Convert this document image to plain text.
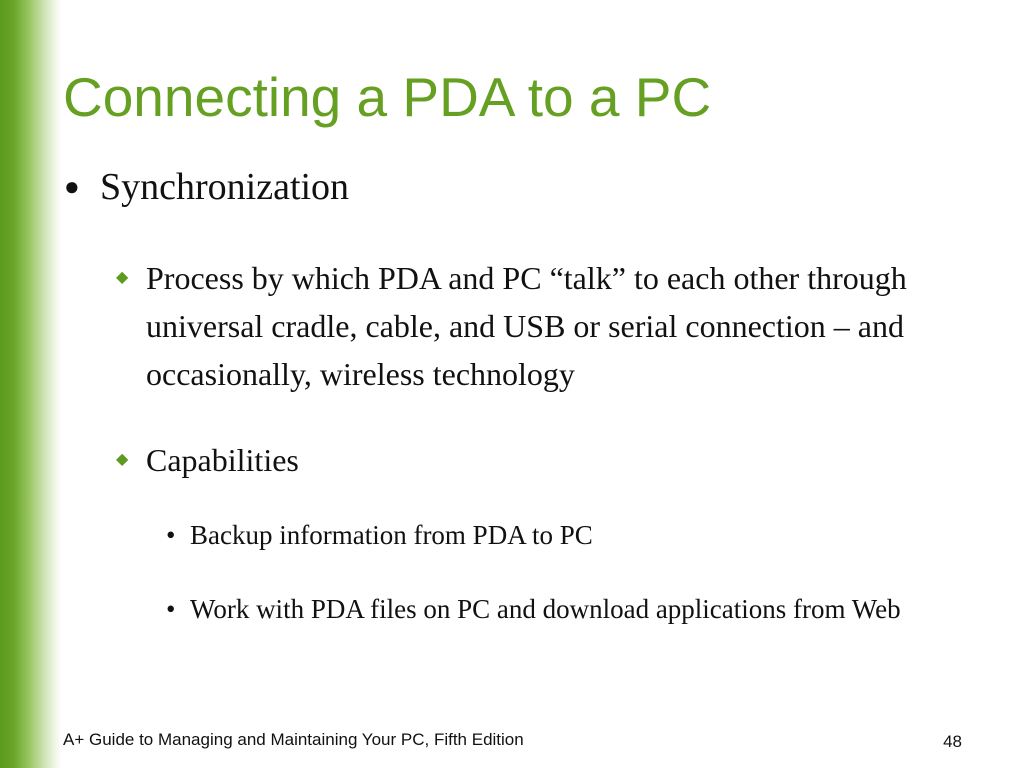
Connecting a PDA to a PC
● Synchronization
◆ Process by which PDA and PC “talk” to each other through universal cradle, cable, and USB or serial connection – and occasionally, wireless technology
◆ Capabilities
• Backup information from PDA to PC
• Work with PDA files on PC and download applications from Web
A+ Guide to Managing and Maintaining Your PC, Fifth Edition	48
